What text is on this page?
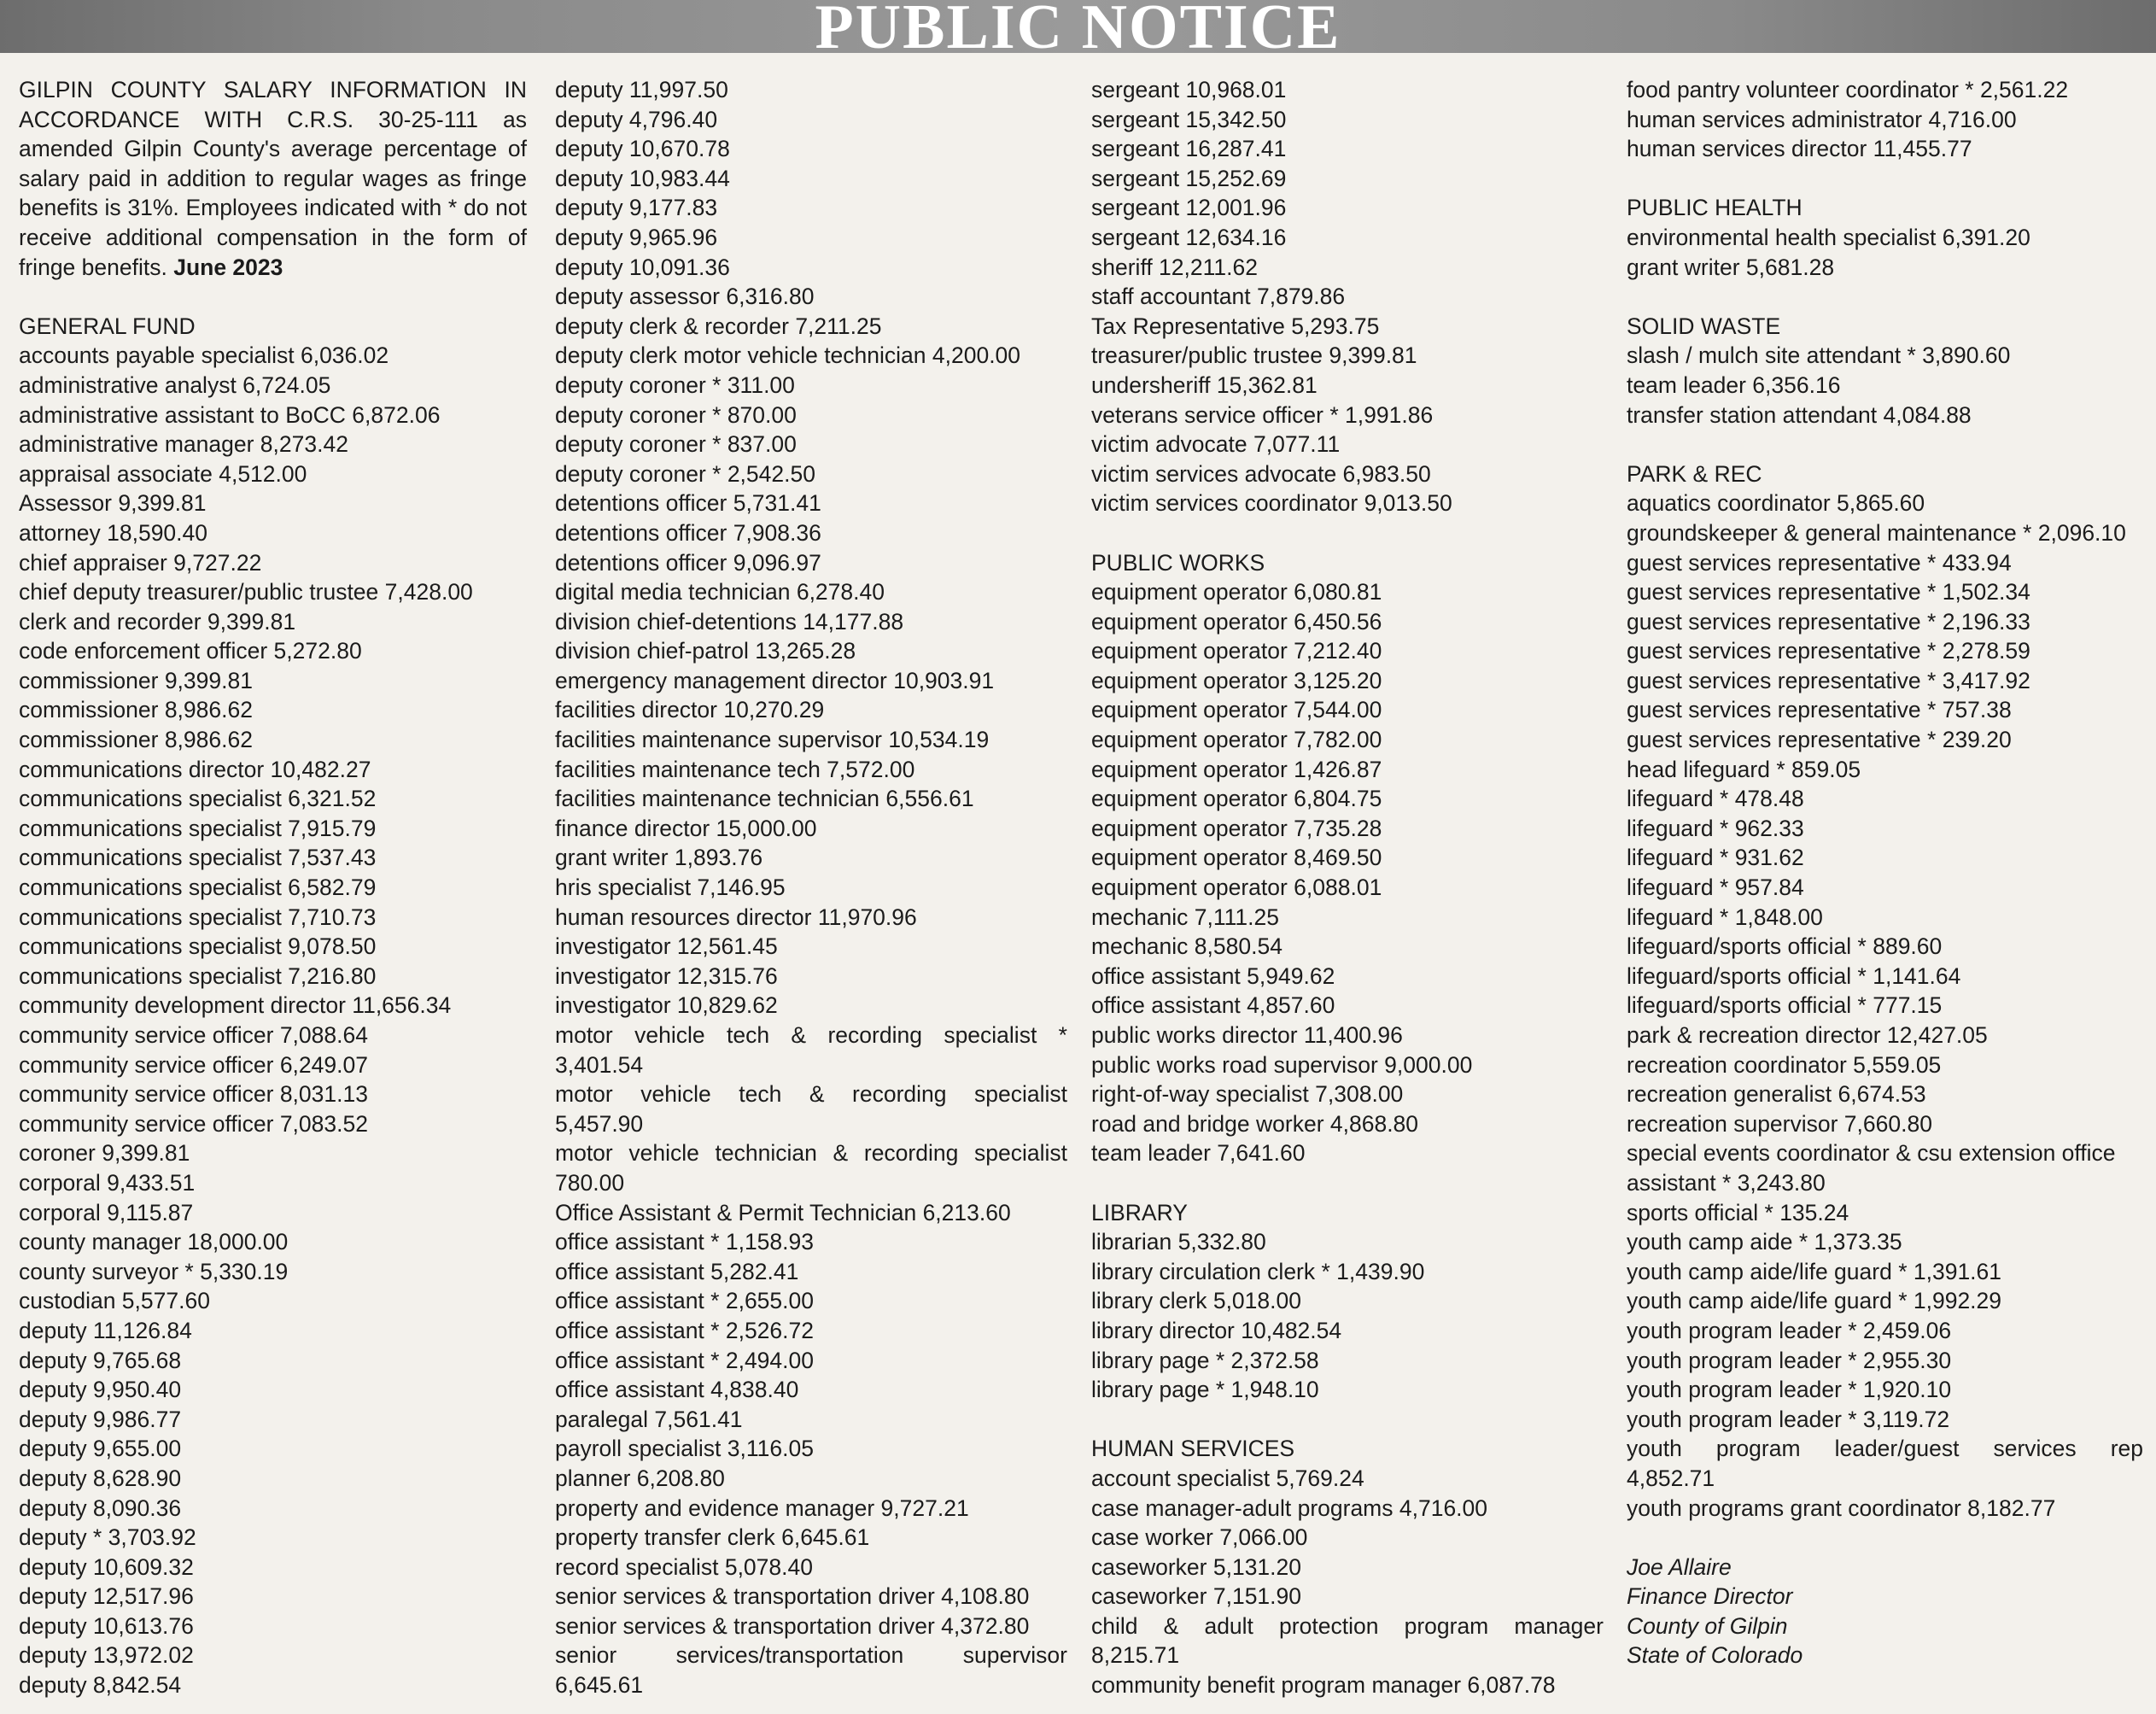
PUBLIC NOTICE
GILPIN COUNTY SALARY INFORMATION IN ACCORDANCE WITH C.R.S. 30-25-111 as amended Gilpin County's average percentage of salary paid in addition to regular wages as fringe benefits is 31%. Employees indicated with * do not receive additional compensation in the form of fringe benefits. June 2023
GENERAL FUND
accounts payable specialist 6,036.02
administrative analyst 6,724.05
administrative assistant to BoCC 6,872.06
administrative manager 8,273.42
appraisal associate 4,512.00
Assessor 9,399.81
attorney 18,590.40
chief appraiser 9,727.22
chief deputy treasurer/public trustee 7,428.00
clerk and recorder 9,399.81
code enforcement officer 5,272.80
commissioner 9,399.81
commissioner 8,986.62
commissioner 8,986.62
communications director 10,482.27
communications specialist 6,321.52
communications specialist 7,915.79
communications specialist 7,537.43
communications specialist 6,582.79
communications specialist 7,710.73
communications specialist 9,078.50
communications specialist 7,216.80
community development director 11,656.34
community service officer 7,088.64
community service officer 6,249.07
community service officer 8,031.13
community service officer 7,083.52
coroner 9,399.81
corporal 9,433.51
corporal 9,115.87
county manager 18,000.00
county surveyor * 5,330.19
custodian 5,577.60
deputy 11,126.84
deputy 9,765.68
deputy 9,950.40
deputy 9,986.77
deputy 9,655.00
deputy 8,628.90
deputy 8,090.36
deputy * 3,703.92
deputy 10,609.32
deputy 12,517.96
deputy 10,613.76
deputy 13,972.02
deputy 8,842.54
deputy 11,997.50
deputy 4,796.40
deputy 10,670.78
deputy 10,983.44
deputy 9,177.83
deputy 9,965.96
deputy 10,091.36
deputy assessor 6,316.80
deputy clerk & recorder 7,211.25
deputy clerk motor vehicle technician 4,200.00
deputy coroner * 311.00
deputy coroner * 870.00
deputy coroner * 837.00
deputy coroner * 2,542.50
detentions officer 5,731.41
detentions officer 7,908.36
detentions officer 9,096.97
digital media technician 6,278.40
division chief-detentions 14,177.88
division chief-patrol 13,265.28
emergency management director 10,903.91
facilities director 10,270.29
facilities maintenance supervisor 10,534.19
facilities maintenance tech 7,572.00
facilities maintenance technician 6,556.61
finance director 15,000.00
grant writer 1,893.76
hris specialist 7,146.95
human resources director 11,970.96
investigator 12,561.45
investigator 12,315.76
investigator 10,829.62
motor vehicle tech & recording specialist *
3,401.54
motor vehicle tech & recording specialist
5,457.90
motor vehicle technician & recording specialist
780.00
Office Assistant & Permit Technician 6,213.60
office assistant * 1,158.93
office assistant 5,282.41
office assistant * 2,655.00
office assistant * 2,526.72
office assistant * 2,494.00
office assistant 4,838.40
paralegal 7,561.41
payroll specialist 3,116.05
planner 6,208.80
property and evidence manager 9,727.21
property transfer clerk 6,645.61
record specialist 5,078.40
senior services & transportation driver 4,108.80
senior services & transportation driver 4,372.80
senior services/transportation supervisor
6,645.61
sergeant 10,968.01
sergeant 15,342.50
sergeant 16,287.41
sergeant 15,252.69
sergeant 12,001.96
sergeant 12,634.16
sheriff 12,211.62
staff accountant 7,879.86
Tax Representative 5,293.75
treasurer/public trustee 9,399.81
undersheriff 15,362.81
veterans service officer * 1,991.86
victim advocate 7,077.11
victim services advocate 6,983.50
victim services coordinator 9,013.50
PUBLIC WORKS
equipment operator 6,080.81
equipment operator 6,450.56
equipment operator 7,212.40
equipment operator 3,125.20
equipment operator 7,544.00
equipment operator 7,782.00
equipment operator 1,426.87
equipment operator 6,804.75
equipment operator 7,735.28
equipment operator 8,469.50
equipment operator 6,088.01
mechanic 7,111.25
mechanic 8,580.54
office assistant 5,949.62
office assistant 4,857.60
public works director 11,400.96
public works road supervisor 9,000.00
right-of-way specialist 7,308.00
road and bridge worker 4,868.80
team leader 7,641.60
LIBRARY
librarian 5,332.80
library circulation clerk * 1,439.90
library clerk 5,018.00
library director 10,482.54
library page * 2,372.58
library page * 1,948.10
HUMAN SERVICES
account specialist 5,769.24
case manager-adult programs 4,716.00
case worker 7,066.00
caseworker 5,131.20
caseworker 7,151.90
child & adult protection program manager
8,215.71
community benefit program manager 6,087.78
food pantry volunteer coordinator * 2,561.22
human services administrator 4,716.00
human services director 11,455.77
PUBLIC HEALTH
environmental health specialist 6,391.20
grant writer 5,681.28
SOLID WASTE
slash / mulch site attendant * 3,890.60
team leader 6,356.16
transfer station attendant 4,084.88
PARK & REC
aquatics coordinator 5,865.60
groundskeeper & general maintenance * 2,096.10
guest services representative * 433.94
guest services representative * 1,502.34
guest services representative * 2,196.33
guest services representative * 2,278.59
guest services representative * 3,417.92
guest services representative * 757.38
guest services representative * 239.20
head lifeguard * 859.05
lifeguard * 478.48
lifeguard * 962.33
lifeguard * 931.62
lifeguard * 957.84
lifeguard * 1,848.00
lifeguard/sports official * 889.60
lifeguard/sports official * 1,141.64
lifeguard/sports official * 777.15
park & recreation director 12,427.05
recreation coordinator 5,559.05
recreation generalist 6,674.53
recreation supervisor 7,660.80
special events coordinator & csu extension office
assistant * 3,243.80
sports official * 135.24
youth camp aide * 1,373.35
youth camp aide/life guard * 1,391.61
youth camp aide/life guard * 1,992.29
youth program leader * 2,459.06
youth program leader * 2,955.30
youth program leader * 1,920.10
youth program leader * 3,119.72
youth program leader/guest services rep
4,852.71
youth programs grant coordinator 8,182.77
Joe Allaire
Finance Director
County of Gilpin
State of Colorado
